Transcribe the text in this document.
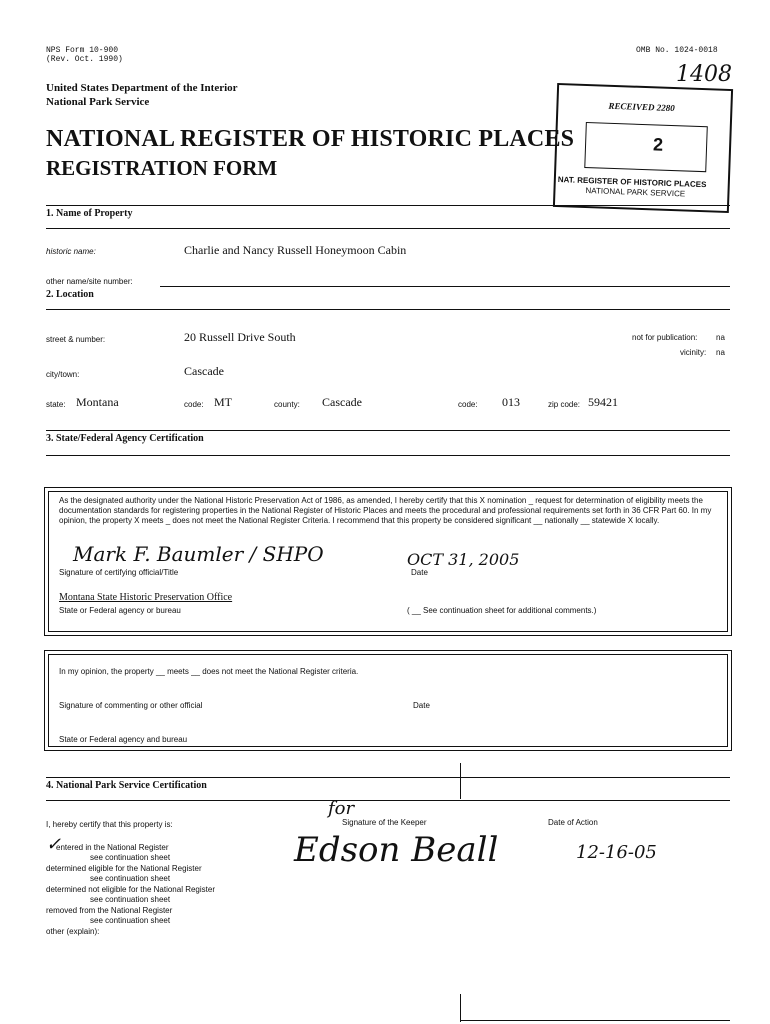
NPS Form 10-900
(Rev. Oct. 1990)
OMB No. 1024-0018
1408
United States Department of the Interior
National Park Service
NATIONAL REGISTER OF HISTORIC PLACES
REGISTRATION FORM
RECEIVED 2280
2
NAT. REGISTER OF HISTORIC PLACES
NATIONAL PARK SERVICE
1. Name of Property
historic name:	Charlie and Nancy Russell Honeymoon Cabin
other name/site number:
2. Location
street & number:	20 Russell Drive South	not for publication: na
vicinity: na
city/town:	Cascade
state: Montana	code: MT	county: Cascade	code: 013	zip code: 59421
3. State/Federal Agency Certification
As the designated authority under the National Historic Preservation Act of 1986, as amended, I hereby certify that this X nomination _ request for determination of eligibility meets the documentation standards for registering properties in the National Register of Historic Places and meets the procedural and professional requirements set forth in 36 CFR Part 60. In my opinion, the property X meets _ does not meet the National Register Criteria. I recommend that this property be considered significant __ nationally __ statewide X locally.
Mark F. Baumler / SHPO	OCT 31, 2005
Signature of certifying official/Title	Date
Montana State Historic Preservation Office
State or Federal agency or bureau	( __ See continuation sheet for additional comments.)
In my opinion, the property __ meets __ does not meet the National Register criteria.
Signature of commenting or other official	Date
State or Federal agency and bureau
4. National Park Service Certification
I, hereby certify that this property is:	Signature of the Keeper	Date of Action
for
Edson Beall	12-16-05
✓
entered in the National Register
see continuation sheet
determined eligible for the National Register
see continuation sheet
determined not eligible for the National Register
see continuation sheet
removed from the National Register
see continuation sheet
other (explain):
